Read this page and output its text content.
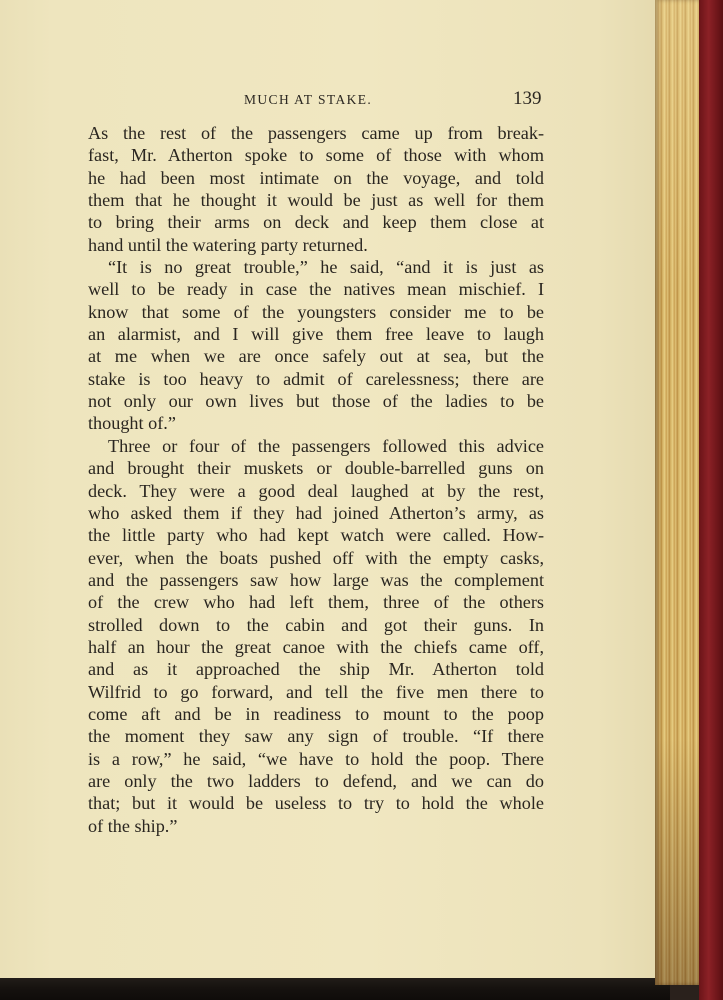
MUCH AT STAKE.	139
As the rest of the passengers came up from break-
fast, Mr. Atherton spoke to some of those with whom
he had been most intimate on the voyage, and told
them that he thought it would be just as well for them
to bring their arms on deck and keep them close at
hand until the watering party returned.
“It is no great trouble,” he said, “and it is just as
well to be ready in case the natives mean mischief. I
know that some of the youngsters consider me to be
an alarmist, and I will give them free leave to laugh
at me when we are once safely out at sea, but the
stake is too heavy to admit of carelessness; there are
not only our own lives but those of the ladies to be
thought of.”
Three or four of the passengers followed this advice
and brought their muskets or double-barrelled guns on
deck. They were a good deal laughed at by the rest,
who asked them if they had joined Atherton’s army, as
the little party who had kept watch were called. How-
ever, when the boats pushed off with the empty casks,
and the passengers saw how large was the complement
of the crew who had left them, three of the others
strolled down to the cabin and got their guns. In
half an hour the great canoe with the chiefs came off,
and as it approached the ship Mr. Atherton told
Wilfrid to go forward, and tell the five men there to
come aft and be in readiness to mount to the poop
the moment they saw any sign of trouble. “If there
is a row,” he said, “we have to hold the poop. There
are only the two ladders to defend, and we can do
that; but it would be useless to try to hold the whole
of the ship.”
